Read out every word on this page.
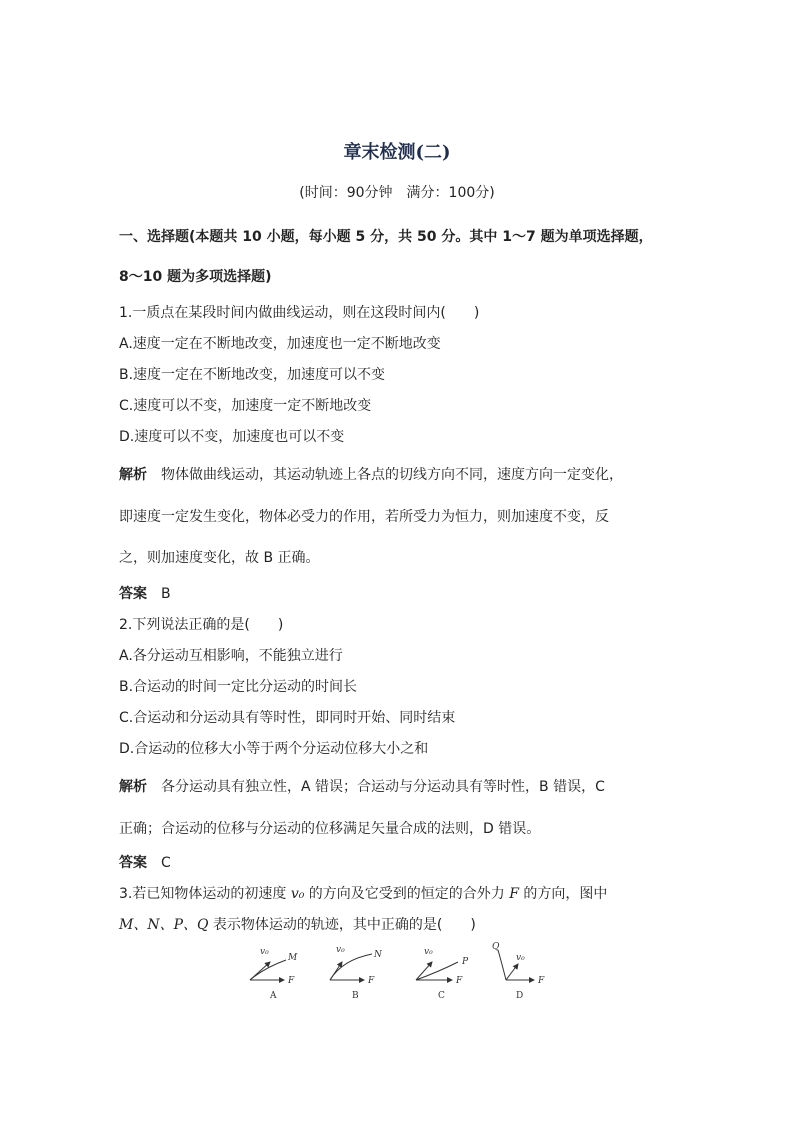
章末检测(二)
(时间：90分钟　满分：100分)
一、选择题(本题共 10 小题，每小题 5 分，共 50 分。其中 1～7 题为单项选择题，
8～10 题为多项选择题)
1.一质点在某段时间内做曲线运动，则在这段时间内(　　)
A.速度一定在不断地改变，加速度也一定不断地改变
B.速度一定在不断地改变，加速度可以不变
C.速度可以不变，加速度一定不断地改变
D.速度可以不变，加速度也可以不变
解析 物体做曲线运动，其运动轨迹上各点的切线方向不同，速度方向一定变化，
即速度一定发生变化，物体必受力的作用，若所受力为恒力，则加速度不变，反
之，则加速度变化，故 B 正确。
答案 B
2.下列说法正确的是(　　)
A.各分运动互相影响，不能独立进行
B.合运动的时间一定比分运动的时间长
C.合运动和分运动具有等时性，即同时开始、同时结束
D.合运动的位移大小等于两个分运动位移大小之和
解析 各分运动具有独立性，A 错误；合运动与分运动具有等时性，B 错误，C
正确；合运动的位移与分运动的位移满足矢量合成的法则，D 错误。
答案 C
3.若已知物体运动的初速度 v₀ 的方向及它受到的恒定的合外力 F 的方向，图中
M、N、P、Q 表示物体运动的轨迹，其中正确的是(　　)
v₀
M
F
A
v₀	N
F
B
v₀
P
F
C
v₀
Q
F
D
